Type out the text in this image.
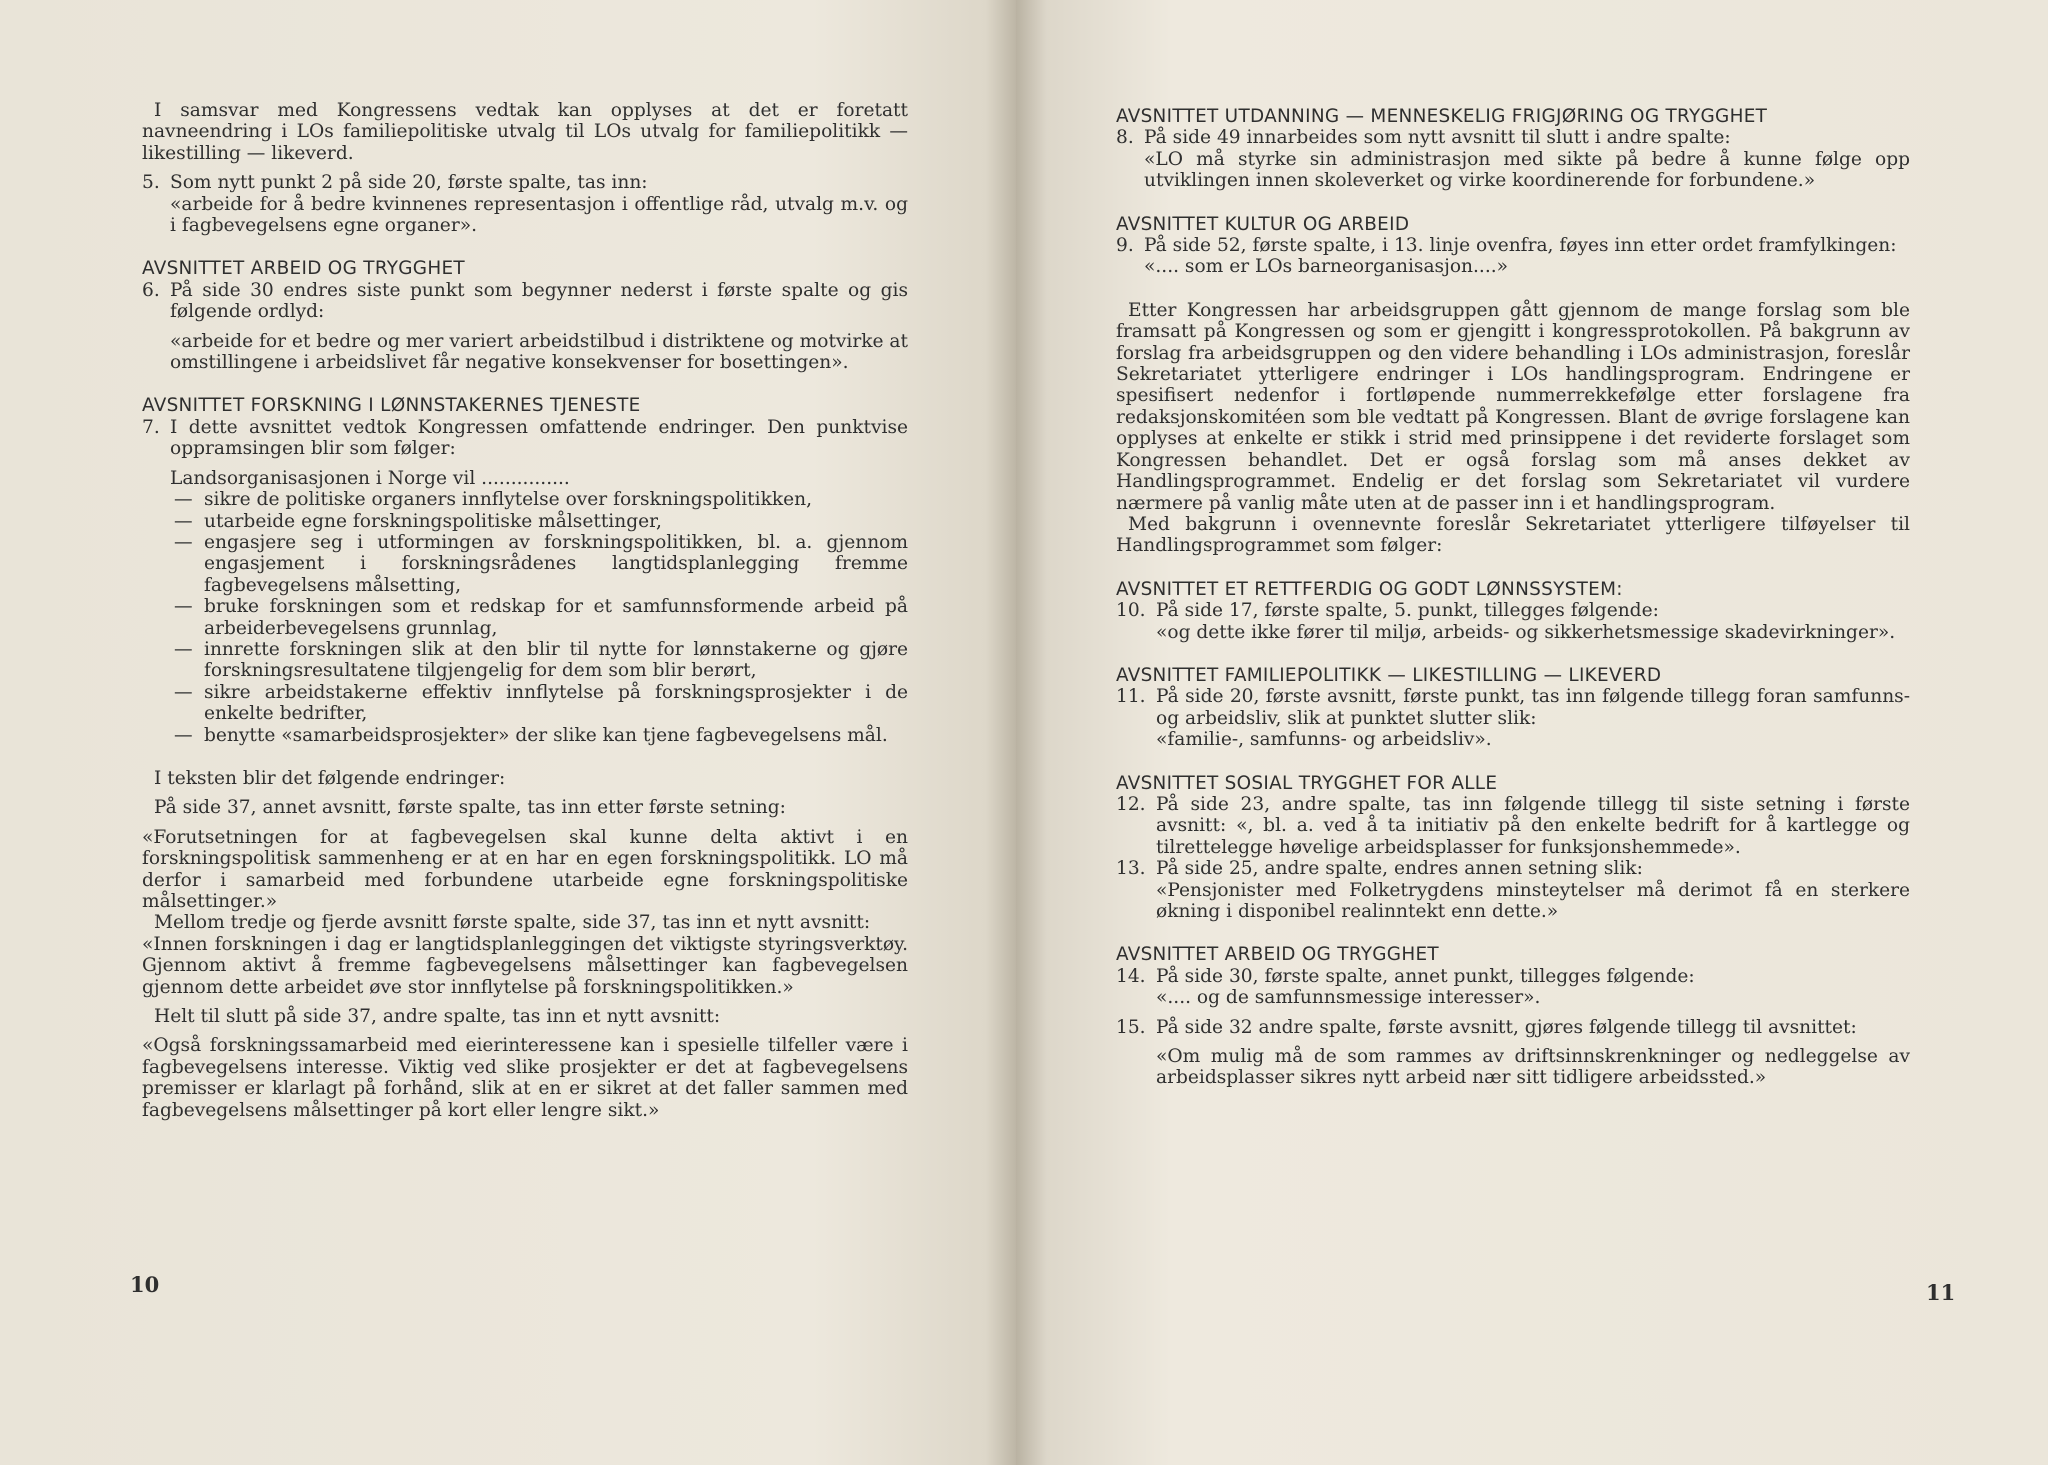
I samsvar med Kongressens vedtak kan opplyses at det er foretatt navneendring i LOs familiepolitiske utvalg til LOs utvalg for familiepolitikk — likestilling — likeverd.

5. Som nytt punkt 2 på side 20, første spalte, tas inn:

«arbeide for å bedre kvinnenes representasjon i offentlige råd, utvalg m.v. og i fagbevegelsens egne organer».

AVSNITTET ARBEID OG TRYGGHET

6. På side 30 endres siste punkt som begynner nederst i første spalte og gis følgende ordlyd:

«arbeide for et bedre og mer variert arbeidstilbud i distriktene og motvirke at omstillingene i arbeidslivet får negative konsekvenser for bosettingen».

AVSNITTET FORSKNING I LØNNSTAKERNES TJENESTE

7. I dette avsnittet vedtok Kongressen omfattende endringer. Den punktvise oppramsingen blir som følger:

Landsorganisasjonen i Norge vil ...............

— sikre de politiske organers innflytelse over forskningspolitikken,
— utarbeide egne forskningspolitiske målsettinger,
— engasjere seg i utformingen av forskningspolitikken, bl. a. gjennom engasjement i forskningsrådenes langtidsplanlegging fremme fagbevegelsens målsetting,
— bruke forskningen som et redskap for et samfunnsformende arbeid på arbeiderbevegelsens grunnlag,
— innrette forskningen slik at den blir til nytte for lønnstakerne og gjøre forskningsresultatene tilgjengelig for dem som blir berørt,
— sikre arbeidstakerne effektiv innflytelse på forskningsprosjekter i de enkelte bedrifter,
— benytte «samarbeidsprosjekter» der slike kan tjene fagbevegelsens mål.

I teksten blir det følgende endringer:

På side 37, annet avsnitt, første spalte, tas inn etter første setning:

«Forutsetningen for at fagbevegelsen skal kunne delta aktivt i en forskningspolitisk sammenheng er at en har en egen forskningspolitikk. LO må derfor i samarbeid med forbundene utarbeide egne forskningspolitiske målsettinger.»

Mellom tredje og fjerde avsnitt første spalte, side 37, tas inn et nytt avsnitt:

«Innen forskningen i dag er langtidsplanleggingen det viktigste styringsverktøy. Gjennom aktivt å fremme fagbevegelsens målsettinger kan fagbevegelsen gjennom dette arbeidet øve stor innflytelse på forskningspolitikken.»

Helt til slutt på side 37, andre spalte, tas inn et nytt avsnitt:

«Også forskningssamarbeid med eierinteressene kan i spesielle tilfeller være i fagbevegelsens interesse. Viktig ved slike prosjekter er det at fagbevegelsens premisser er klarlagt på forhånd, slik at en er sikret at det faller sammen med fagbevegelsens målsettinger på kort eller lengre sikt.»

10

AVSNITTET UTDANNING — MENNESKELIG FRIGJØRING OG TRYGGHET

8. På side 49 innarbeides som nytt avsnitt til slutt i andre spalte:

«LO må styrke sin administrasjon med sikte på bedre å kunne følge opp utviklingen innen skoleverket og virke koordinerende for forbundene.»

AVSNITTET KULTUR OG ARBEID

9. På side 52, første spalte, i 13. linje ovenfra, føyes inn etter ordet framfylkingen:

«.... som er LOs barneorganisasjon....»

Etter Kongressen har arbeidsgruppen gått gjennom de mange forslag som ble framsatt på Kongressen og som er gjengitt i kongressprotokollen. På bakgrunn av forslag fra arbeidsgruppen og den videre behandling i LOs administrasjon, foreslår Sekretariatet ytterligere endringer i LOs handlingsprogram. Endringene er spesifisert nedenfor i fortløpende nummerrekkefølge etter forslagene fra redaksjonskomitéen som ble vedtatt på Kongressen. Blant de øvrige forslagene kan opplyses at enkelte er stikk i strid med prinsippene i det reviderte forslaget som Kongressen behandlet. Det er også forslag som må anses dekket av Handlingsprogrammet. Endelig er det forslag som Sekretariatet vil vurdere nærmere på vanlig måte uten at de passer inn i et handlingsprogram.

Med bakgrunn i ovennevnte foreslår Sekretariatet ytterligere tilføyelser til Handlingsprogrammet som følger:

AVSNITTET ET RETTFERDIG OG GODT LØNNSSYSTEM:

10. På side 17, første spalte, 5. punkt, tillegges følgende:

«og dette ikke fører til miljø, arbeids- og sikkerhetsmessige skadevirkninger».

AVSNITTET FAMILIEPOLITIKK — LIKESTILLING — LIKEVERD

11. På side 20, første avsnitt, første punkt, tas inn følgende tillegg foran samfunns- og arbeidsliv, slik at punktet slutter slik:

«familie-, samfunns- og arbeidsliv».

AVSNITTET SOSIAL TRYGGHET FOR ALLE

12. På side 23, andre spalte, tas inn følgende tillegg til siste setning i første avsnitt: «, bl. a. ved å ta initiativ på den enkelte bedrift for å kartlegge og tilrettelegge høvelige arbeidsplasser for funksjonshemmede».

13. På side 25, andre spalte, endres annen setning slik:

«Pensjonister med Folketrygdens minsteytelser må derimot få en sterkere økning i disponibel realinntekt enn dette.»

AVSNITTET ARBEID OG TRYGGHET

14. På side 30, første spalte, annet punkt, tillegges følgende:

«.... og de samfunnsmessige interesser».

15. På side 32 andre spalte, første avsnitt, gjøres følgende tillegg til avsnittet:

«Om mulig må de som rammes av driftsinnskrenkninger og nedleggelse av arbeidsplasser sikres nytt arbeid nær sitt tidligere arbeidssted.»

11
